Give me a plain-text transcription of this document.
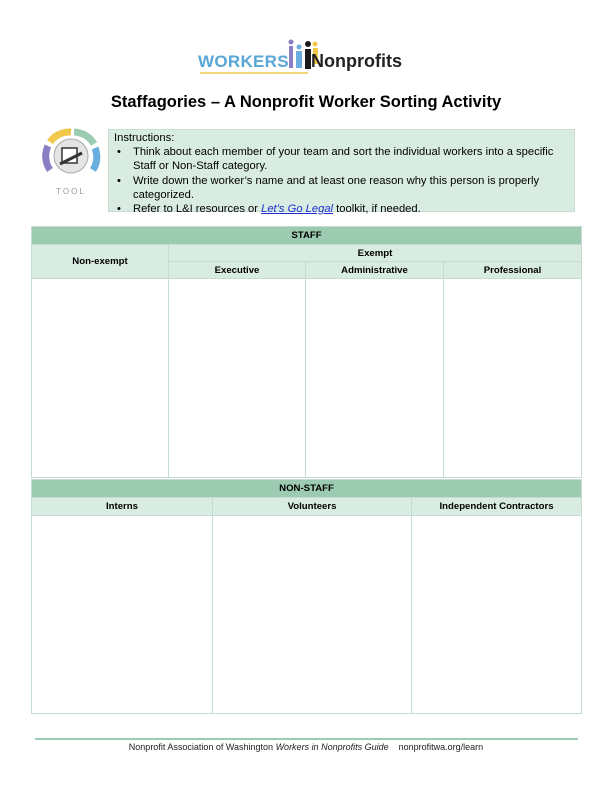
WORKERS Nonprofits
Staffagories – A Nonprofit Worker Sorting Activity
TOOL
Instructions:
• Think about each member of your team and sort the individual workers into a specific Staff or Non-Staff category.
• Write down the worker’s name and at least one reason why this person is properly categorized.
• Refer to L&I resources or Let’s Go Legal toolkit, if needed.
STAFF			
Non-exempt	Exempt		
	Executive	Administrative	Professional

NON-STAFF		
Interns	Volunteers	Independent Contractors

Nonprofit Association of Washington Workers in Nonprofits Guide nonprofitwa.org/learn
